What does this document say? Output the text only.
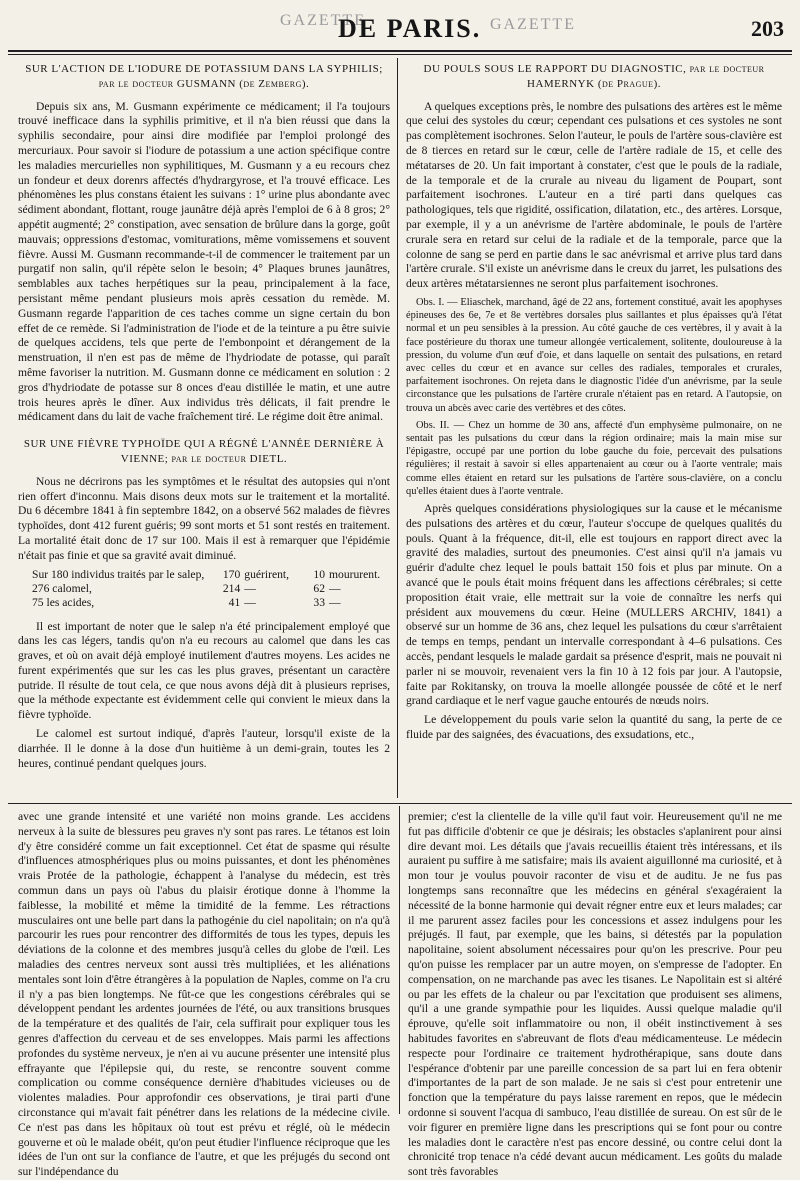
GAZETTE
DE PARIS. GAZETTE	203

SUR L'ACTION DE L'IODURE DE POTASSIUM DANS LA SYPHILIS; par le docteur GUSMANN (de Zemberg).

Depuis six ans, M. Gusmann expérimente ce médicament; il l'a toujours trouvé inefficace dans la syphilis primitive, et il n'a bien réussi que dans la syphilis secondaire, pour ainsi dire modifiée par l'emploi prolongé des mercuriaux. Pour savoir si l'iodure de potassium a une action spécifique contre les maladies mercurielles non syphilitiques, M. Gusmann y a eu recours chez un fondeur et deux dorenrs affectés d'hydrargyrose, et l'a trouvé efficace. Les phénomènes les plus constans étaient les suivans : 1° urine plus abondante avec sédiment abondant, flottant, rouge jaunâtre déjà après l'emploi de 6 à 8 gros; 2° appétit augmenté; 2° constipation, avec sensation de brûlure dans la gorge, goût mauvais; oppressions d'estomac, vomiturations, même vomissemens et souvent fièvre. Aussi M. Gusmann recommande-t-il de commencer le traitement par un purgatif non salin, qu'il répète selon le besoin; 4° Plaques brunes jaunâtres, semblables aux taches herpétiques sur la peau, principalement à la face, persistant même pendant plusieurs mois après cessation du remède. M. Gusmann regarde l'apparition de ces taches comme un signe certain du bon effet de ce remède. Si l'administration de l'iode et de la teinture a pu être suivie de quelques accidens, tels que perte de l'embonpoint et dérangement de la menstruation, il n'en est pas de même de l'hydriodate de potasse, qui paraît même favoriser la nutrition. M. Gusmann donne ce médicament en solution : 2 gros d'hydriodate de potasse sur 8 onces d'eau distillée le matin, et une autre trois heures après le dîner. Aux individus très délicats, il fait prendre le médicament dans du lait de vache fraîchement tiré. Le régime doit être animal.

SUR UNE FIÈVRE TYPHOÏDE QUI A RÉGNÉ L'ANNÉE DERNIÈRE À VIENNE; par le docteur DIETL.

Nous ne décrirons pas les symptômes et le résultat des autopsies qui n'ont rien offert d'inconnu. Mais disons deux mots sur le traitement et la mortalité. Du 6 décembre 1841 à fin septembre 1842, on a observé 562 malades de fièvres typhoïdes, dont 412 furent guéris; 99 sont morts et 51 sont restés en traitement. La mortalité était donc de 17 sur 100. Mais il est à remarquer que l'épidémie n'était pas finie et que sa gravité avait diminué.

Sur 180 individus traités par le salep,	170	guérirent,	10	moururent.
276 calomel,	214	—	62	—
75 les acides,	41	—	33	—

Il est important de noter que le salep n'a été principalement employé que dans les cas légers, tandis qu'on n'a eu recours au calomel que dans les cas graves, et où on avait déjà employé inutilement d'autres moyens. Les acides ne furent expérimentés que sur les cas les plus graves, présentant un caractère putride. Il résulte de tout cela, ce que nous avons déjà dit à plusieurs reprises, que la méthode expectante est évidemment celle qui convient le mieux dans la fièvre typhoïde.

Le calomel est surtout indiqué, d'après l'auteur, lorsqu'il existe de la diarrhée. Il le donne à la dose d'un huitième à un demi-grain, toutes les 2 heures, continué pendant quelques jours.

DU POULS SOUS LE RAPPORT DU DIAGNOSTIC, par le docteur HAMERNYK (de Prague).

A quelques exceptions près, le nombre des pulsations des artères est le même que celui des systoles du cœur; cependant ces pulsations et ces systoles ne sont pas complètement isochrones. Selon l'auteur, le pouls de l'artère sous-clavière est de 8 tierces en retard sur le cœur, celle de l'artère radiale de 15, et celle des métatarses de 20. Un fait important à constater, c'est que le pouls de la radiale, de la temporale et de la crurale au niveau du ligament de Poupart, sont parfaitement isochrones. L'auteur en a tiré parti dans quelques cas pathologiques, tels que rigidité, ossification, dilatation, etc., des artères. Lorsque, par exemple, il y a un anévrisme de l'artère abdominale, le pouls de l'artère crurale sera en retard sur celui de la radiale et de la temporale, parce que la colonne de sang se perd en partie dans le sac anévrismal et arrive plus tard dans l'artère crurale. S'il existe un anévrisme dans le creux du jarret, les pulsations des deux artères métatarsiennes ne seront plus parfaitement isochrones.

Obs. I. — Eliaschek, marchand, âgé de 22 ans, fortement constitué, avait les apophyses épineuses des 6e, 7e et 8e vertèbres dorsales plus saillantes et plus épaisses qu'à l'état normal et un peu sensibles à la pression. Au côté gauche de ces vertèbres, il y avait à la face postérieure du thorax une tumeur allongée verticalement, solitente, douloureuse à la pression, du volume d'un œuf d'oie, et dans laquelle on sentait des pulsations, en retard avec celles du cœur et en avance sur celles des radiales, temporales et crurales, parfaitement isochrones. On rejeta dans le diagnostic l'idée d'un anévrisme, par la seule circonstance que les pulsations de l'artère crurale n'étaient pas en retard. A l'autopsie, on trouva un abcès avec carie des vertèbres et des côtes.

Obs. II. — Chez un homme de 30 ans, affecté d'un emphysème pulmonaire, on ne sentait pas les pulsations du cœur dans la région ordinaire; mais la main mise sur l'épigastre, occupé par une portion du lobe gauche du foie, percevait des pulsations régulières; il restait à savoir si elles appartenaient au cœur ou à l'aorte ventrale; mais comme elles étaient en retard sur les pulsations de l'artère sous-clavière, on a conclu qu'elles étaient dues à l'aorte ventrale.

Après quelques considérations physiologiques sur la cause et le mécanisme des pulsations des artères et du cœur, l'auteur s'occupe de quelques qualités du pouls. Quant à la fréquence, dit-il, elle est toujours en rapport direct avec la gravité des maladies, surtout des pneumonies. C'est ainsi qu'il n'a jamais vu guérir d'adulte chez lequel le pouls battait 150 fois et plus par minute. On a avancé que le pouls était moins fréquent dans les affections cérébrales; si cette proposition était vraie, elle mettrait sur la voie de connaître les nerfs qui président aux mouvemens du cœur. Heine (MULLERS ARCHIV, 1841) a observé sur un homme de 36 ans, chez lequel les pulsations du cœur s'arrêtaient de temps en temps, pendant un intervalle correspondant à 4–6 pulsations. Ces accès, pendant lesquels le malade gardait sa présence d'esprit, mais ne pouvait ni parler ni se mouvoir, revenaient vers la fin 10 à 12 fois par jour. A l'autopsie, faite par Rokitansky, on trouva la moelle allongée poussée de côté et le nerf grand cardiaque et le nerf vague gauche entourés de nœuds noirs.

Le développement du pouls varie selon la quantité du sang, la perte de ce fluide par des saignées, des évacuations, des exsudations, etc.,

avec une grande intensité et une variété non moins grande. Les accidens nerveux à la suite de blessures peu graves n'y sont pas rares. Le tétanos est loin d'y être considéré comme un fait exceptionnel. Cet état de spasme qui résulte d'influences atmosphériques plus ou moins puissantes, et dont les phénomènes vrais Protée de la pathologie, échappent à l'analyse du médecin, est très commun dans un pays où l'abus du plaisir érotique donne à l'homme la faiblesse, la mobilité et même la timidité de la femme. Les rétractions musculaires ont une belle part dans la pathogénie du ciel napolitain; on n'a qu'à parcourir les rues pour rencontrer des difformités de tous les types, depuis les déviations de la colonne et des membres jusqu'à celles du globe de l'œil. Les maladies des centres nerveux sont aussi très multipliées, et les aliénations mentales sont loin d'être étrangères à la population de Naples, comme on l'a cru il n'y a pas bien longtemps. Ne fût-ce que les congestions cérébrales qui se développent pendant les ardentes journées de l'été, ou aux transitions brusques de la température et des qualités de l'air, cela suffirait pour expliquer tous les genres d'affection du cerveau et de ses enveloppes. Mais parmi les affections profondes du système nerveux, je n'en ai vu aucune présenter une intensité plus effrayante que l'épilepsie qui, du reste, se rencontre souvent comme complication ou comme conséquence dernière d'habitudes vicieuses ou de violentes maladies. Pour approfondir ces observations, je tirai parti d'une circonstance qui m'avait fait pénétrer dans les relations de la médecine civile. Ce n'est pas dans les hôpitaux où tout est prévu et réglé, où le médecin gouverne et où le malade obéit, qu'on peut étudier l'influence réciproque que les idées de l'un ont sur la confiance de l'autre, et que les préjugés du second ont sur l'indépendance du

premier; c'est la clientelle de la ville qu'il faut voir. Heureusement qu'il ne me fut pas difficile d'obtenir ce que je désirais; les obstacles s'aplanirent pour ainsi dire devant moi. Les détails que j'avais recueillis étaient très intéressans, et ils auraient pu suffire à me satisfaire; mais ils avaient aiguillonné ma curiosité, et à mon tour je voulus pouvoir raconter de visu et de auditu. Je ne fus pas longtemps sans reconnaître que les médecins en général s'exagéraient la nécessité de la bonne harmonie qui devait régner entre eux et leurs malades; car il me parurent assez faciles pour les concessions et assez indulgens pour les préjugés. Il faut, par exemple, que les bains, si détestés par la population napolitaine, soient absolument nécessaires pour qu'on les prescrive. Pour peu qu'on puisse les remplacer par un autre moyen, on s'empresse de l'adopter. En compensation, on ne marchande pas avec les tisanes. Le Napolitain est si altéré ou par les effets de la chaleur ou par l'excitation que produisent ses alimens, qu'il a une grande sympathie pour les liquides. Aussi quelque maladie qu'il éprouve, qu'elle soit inflammatoire ou non, il obéit instinctivement à ses habitudes favorites en s'abreuvant de flots d'eau médicamenteuse. Le médecin respecte pour l'ordinaire ce traitement hydrothérapique, sans doute dans l'espérance d'obtenir par une pareille concession de sa part lui en fera obtenir d'importantes de la part de son malade. Je ne sais si c'est pour entretenir une fonction que la température du pays laisse rarement en repos, que le médecin ordonne si souvent l'acqua di sambuco, l'eau distillée de sureau. On est sûr de le voir figurer en première ligne dans les prescriptions qui se font pour ou contre les maladies dont le caractère n'est pas encore dessiné, ou contre celui dont la chronicité trop tenace n'a cédé devant aucun médicament. Les goûts du malade sont très favorables
